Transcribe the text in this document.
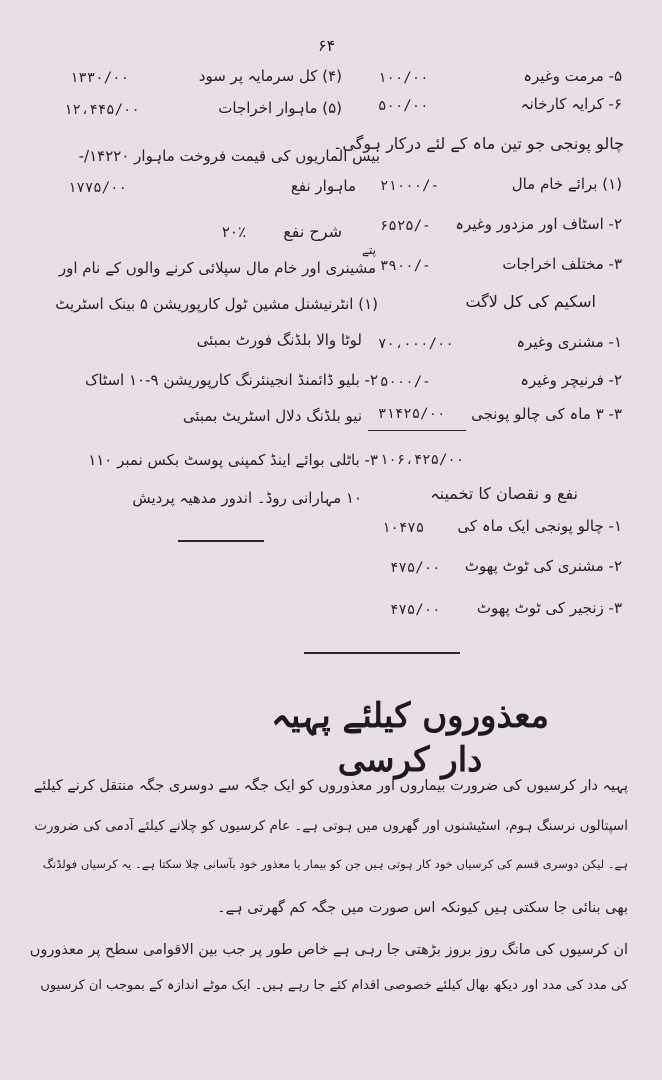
۶۴
۵- مرمت وغیرہ
۱۰۰/۰۰
۶- کرایہ کارخانہ
۵۰۰/۰۰
چالو پونجی جو تین ماہ کے لئے درکار ہوگی۔
(۱) برائے خام مال
۲۱۰۰۰/-
۲- اسٹاف اور مزدور وغیرہ
۶۵۲۵/-
۳- مختلف اخراجات
۳۹۰۰/-
اسکیم کی کل لاگت
۱- مشنری وغیرہ
۷۰،۰۰۰/۰۰
۲- فرنیچر وغیرہ
۵۰۰۰/-
۳- ۳ ماہ کی چالو پونجی
۳۱۴۲۵/۰۰
۱۰۶،۴۲۵/۰۰
نفع و نقصان کا تخمینہ
۱- چالو پونجی ایک ماہ کی
۱۰۴۷۵
۲- مشنری کی ٹوٹ پھوٹ
۴۷۵/۰۰
۳- زنجیر کی ٹوٹ پھوٹ
۴۷۵/۰۰
(۴) کل سرمایہ پر سود
۱۳۳۰/۰۰
(۵) ماہوار اخراجات
۱۲،۴۴۵/۰۰
بیس الماریوں کی قیمت فروخت ماہوار ۱۴۲۲۰/-
ماہوار نفع
۱۷۷۵/۰۰
شرح نفع
۲۰٪
مشینری اور خام مال سپلائی کرنے والوں کے نام اور
پتے
(۱) انٹرنیشنل مشین ٹول کارپوریشن ۵ بینک اسٹریٹ
لوٹا والا بلڈنگ فورٹ بمبئی
۲- بلیو ڈائمنڈ انجینئرنگ کارپوریشن ۹-۱۰ اسٹاک
نیو بلڈنگ دلال اسٹریٹ بمبئی
۳- باٹلی بوائے اینڈ کمپنی پوسٹ بکس نمبر ۱۱۰
۱۰ مہارانی روڈ۔ اندور مدھیہ پردیش
معذوروں کیلئے پہیہ دار کرسی
پہیہ دار کرسیوں کی ضرورت بیماروں اور معذوروں کو ایک جگہ سے دوسری جگہ منتقل کرنے کیلئے
اسپتالوں نرسنگ ہوم، اسٹیشنوں اور گھروں میں ہوتی ہے۔ عام کرسیوں کو چلانے کیلئے آدمی کی ضرورت
ہے۔ لیکن دوسری قسم کی کرسیاں خود کار ہوتی ہیں جن کو بیمار یا معذور خود بآسانی چلا سکتا ہے۔ یہ کرسیاں فولڈنگ
بھی بنائی جا سکتی ہیں کیونکہ اس صورت میں جگہ کم گھرتی ہے۔
ان کرسیوں کی مانگ روز بروز بڑھتی جا رہی ہے خاص طور پر جب بین الاقوامی سطح پر معذوروں
کی مدد کی مدد اور دیکھ بھال کیلئے خصوصی اقدام کئے جا رہے ہیں۔ ایک موٹے اندازہ کے بموجب ان کرسیوں
